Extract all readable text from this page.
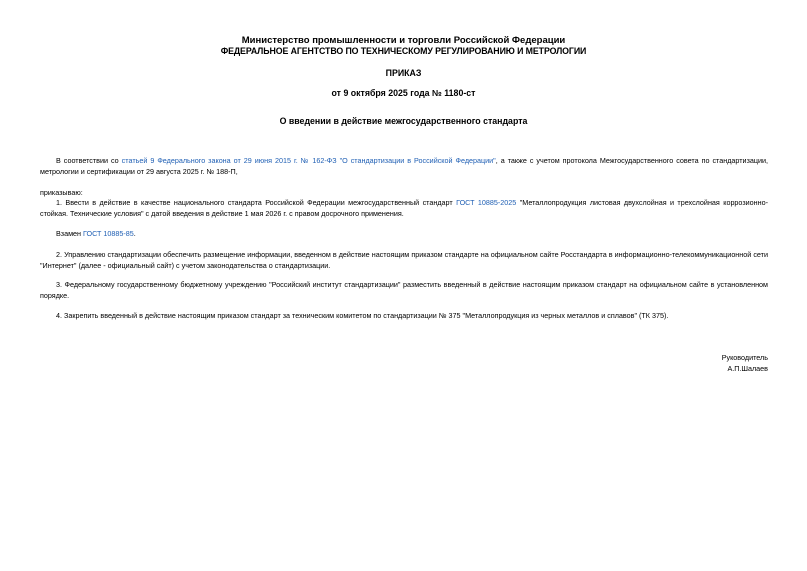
Министерство промышленности и торговли Российской Федерации
ФЕДЕРАЛЬНОЕ АГЕНТСТВО ПО ТЕХНИЧЕСКОМУ РЕГУЛИРОВАНИЮ И МЕТРОЛОГИИ
ПРИКАЗ
от 9 октября 2025 года № 1180-ст
О введении в действие межгосударственного стандарта
В соответствии со статьей 9 Федерального закона от 29 июня 2015 г. № 162-ФЗ "О стандартизации в Российской Федерации", а также с учетом протокола Межгосударственного совета по стандартизации, метрологии и сертификации от 29 августа 2025 г. № 188-П,
приказываю:
1. Ввести в действие в качестве национального стандарта Российской Федерации межгосударственный стандарт ГОСТ 10885-2025 "Металлопродукция листовая двухслойная и трехслойная коррозионно-стойкая. Технические условия" с датой введения в действие 1 мая 2026 г. с правом досрочного применения.
Взамен ГОСТ 10885-85.
2. Управлению стандартизации обеспечить размещение информации, введенном в действие настоящим приказом стандарте на официальном сайте Росстандарта в информационно-телекоммуникационной сети "Интернет" (далее - официальный сайт) с учетом законодательства о стандартизации.
3. Федеральному государственному бюджетному учреждению "Российский институт стандартизации" разместить введенный в действие настоящим приказом стандарт на официальном сайте в установленном порядке.
4. Закрепить введенный в действие настоящим приказом стандарт за техническим комитетом по стандартизации № 375 "Металлопродукция из черных металлов и сплавов" (ТК 375).
Руководитель
А.П.Шалаев
